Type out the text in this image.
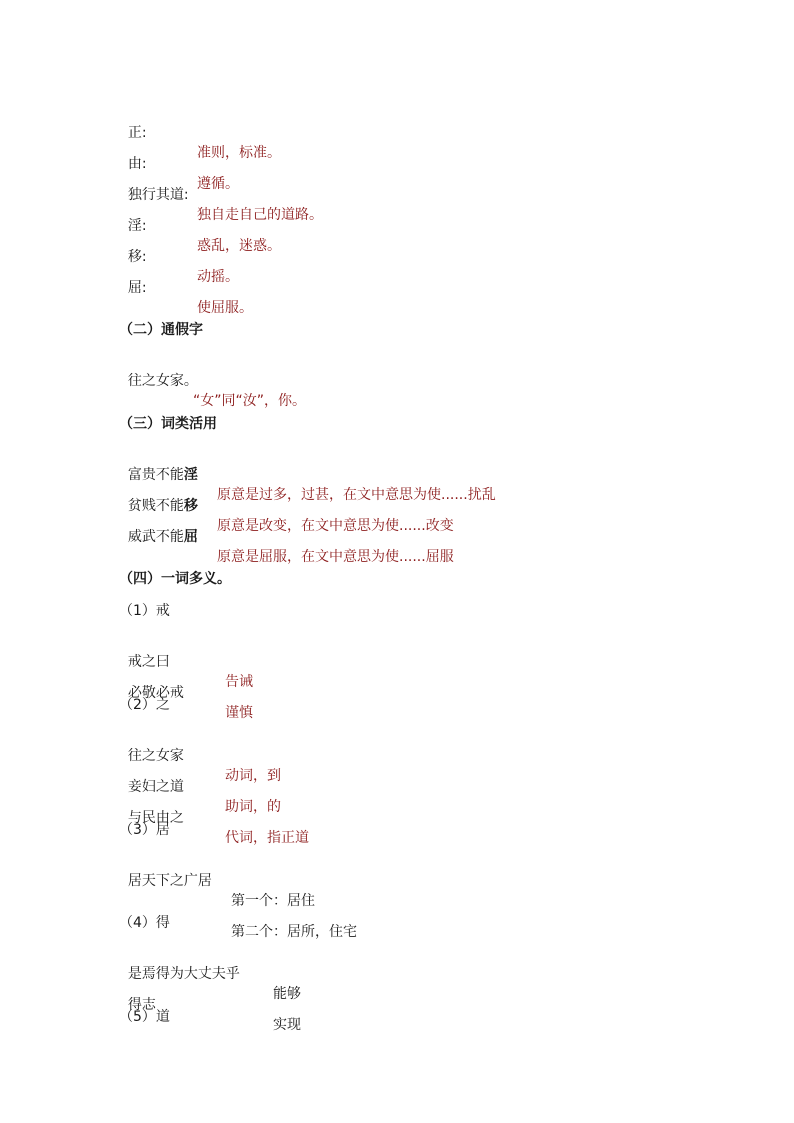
正:

准则，标准。

由:

遵循。

独行其道:

独自走自己的道路。

淫:

惑乱，迷惑。

移:

动摇。

屈:

使屈服。

（二）通假字

往之女家。

“女”同“汝”，你。

（三）词类活用

富贵不能淫

原意是过多，过甚，在文中意思为使......扰乱

贫贱不能移

原意是改变，在文中意思为使......改变

威武不能屈

原意是屈服，在文中意思为使......屈服

（四）一词多义。
（1）戒

戒之曰

告诫

必敬必戒

谨慎

（2）之

往之女家

动词，到

妾妇之道

助词，的

与民由之

代词，指正道

（3）居

居天下之广居

第一个：居住

第二个：居所，住宅

（4）得

是焉得为大丈夫乎

能够

得志

实现

（5）道
